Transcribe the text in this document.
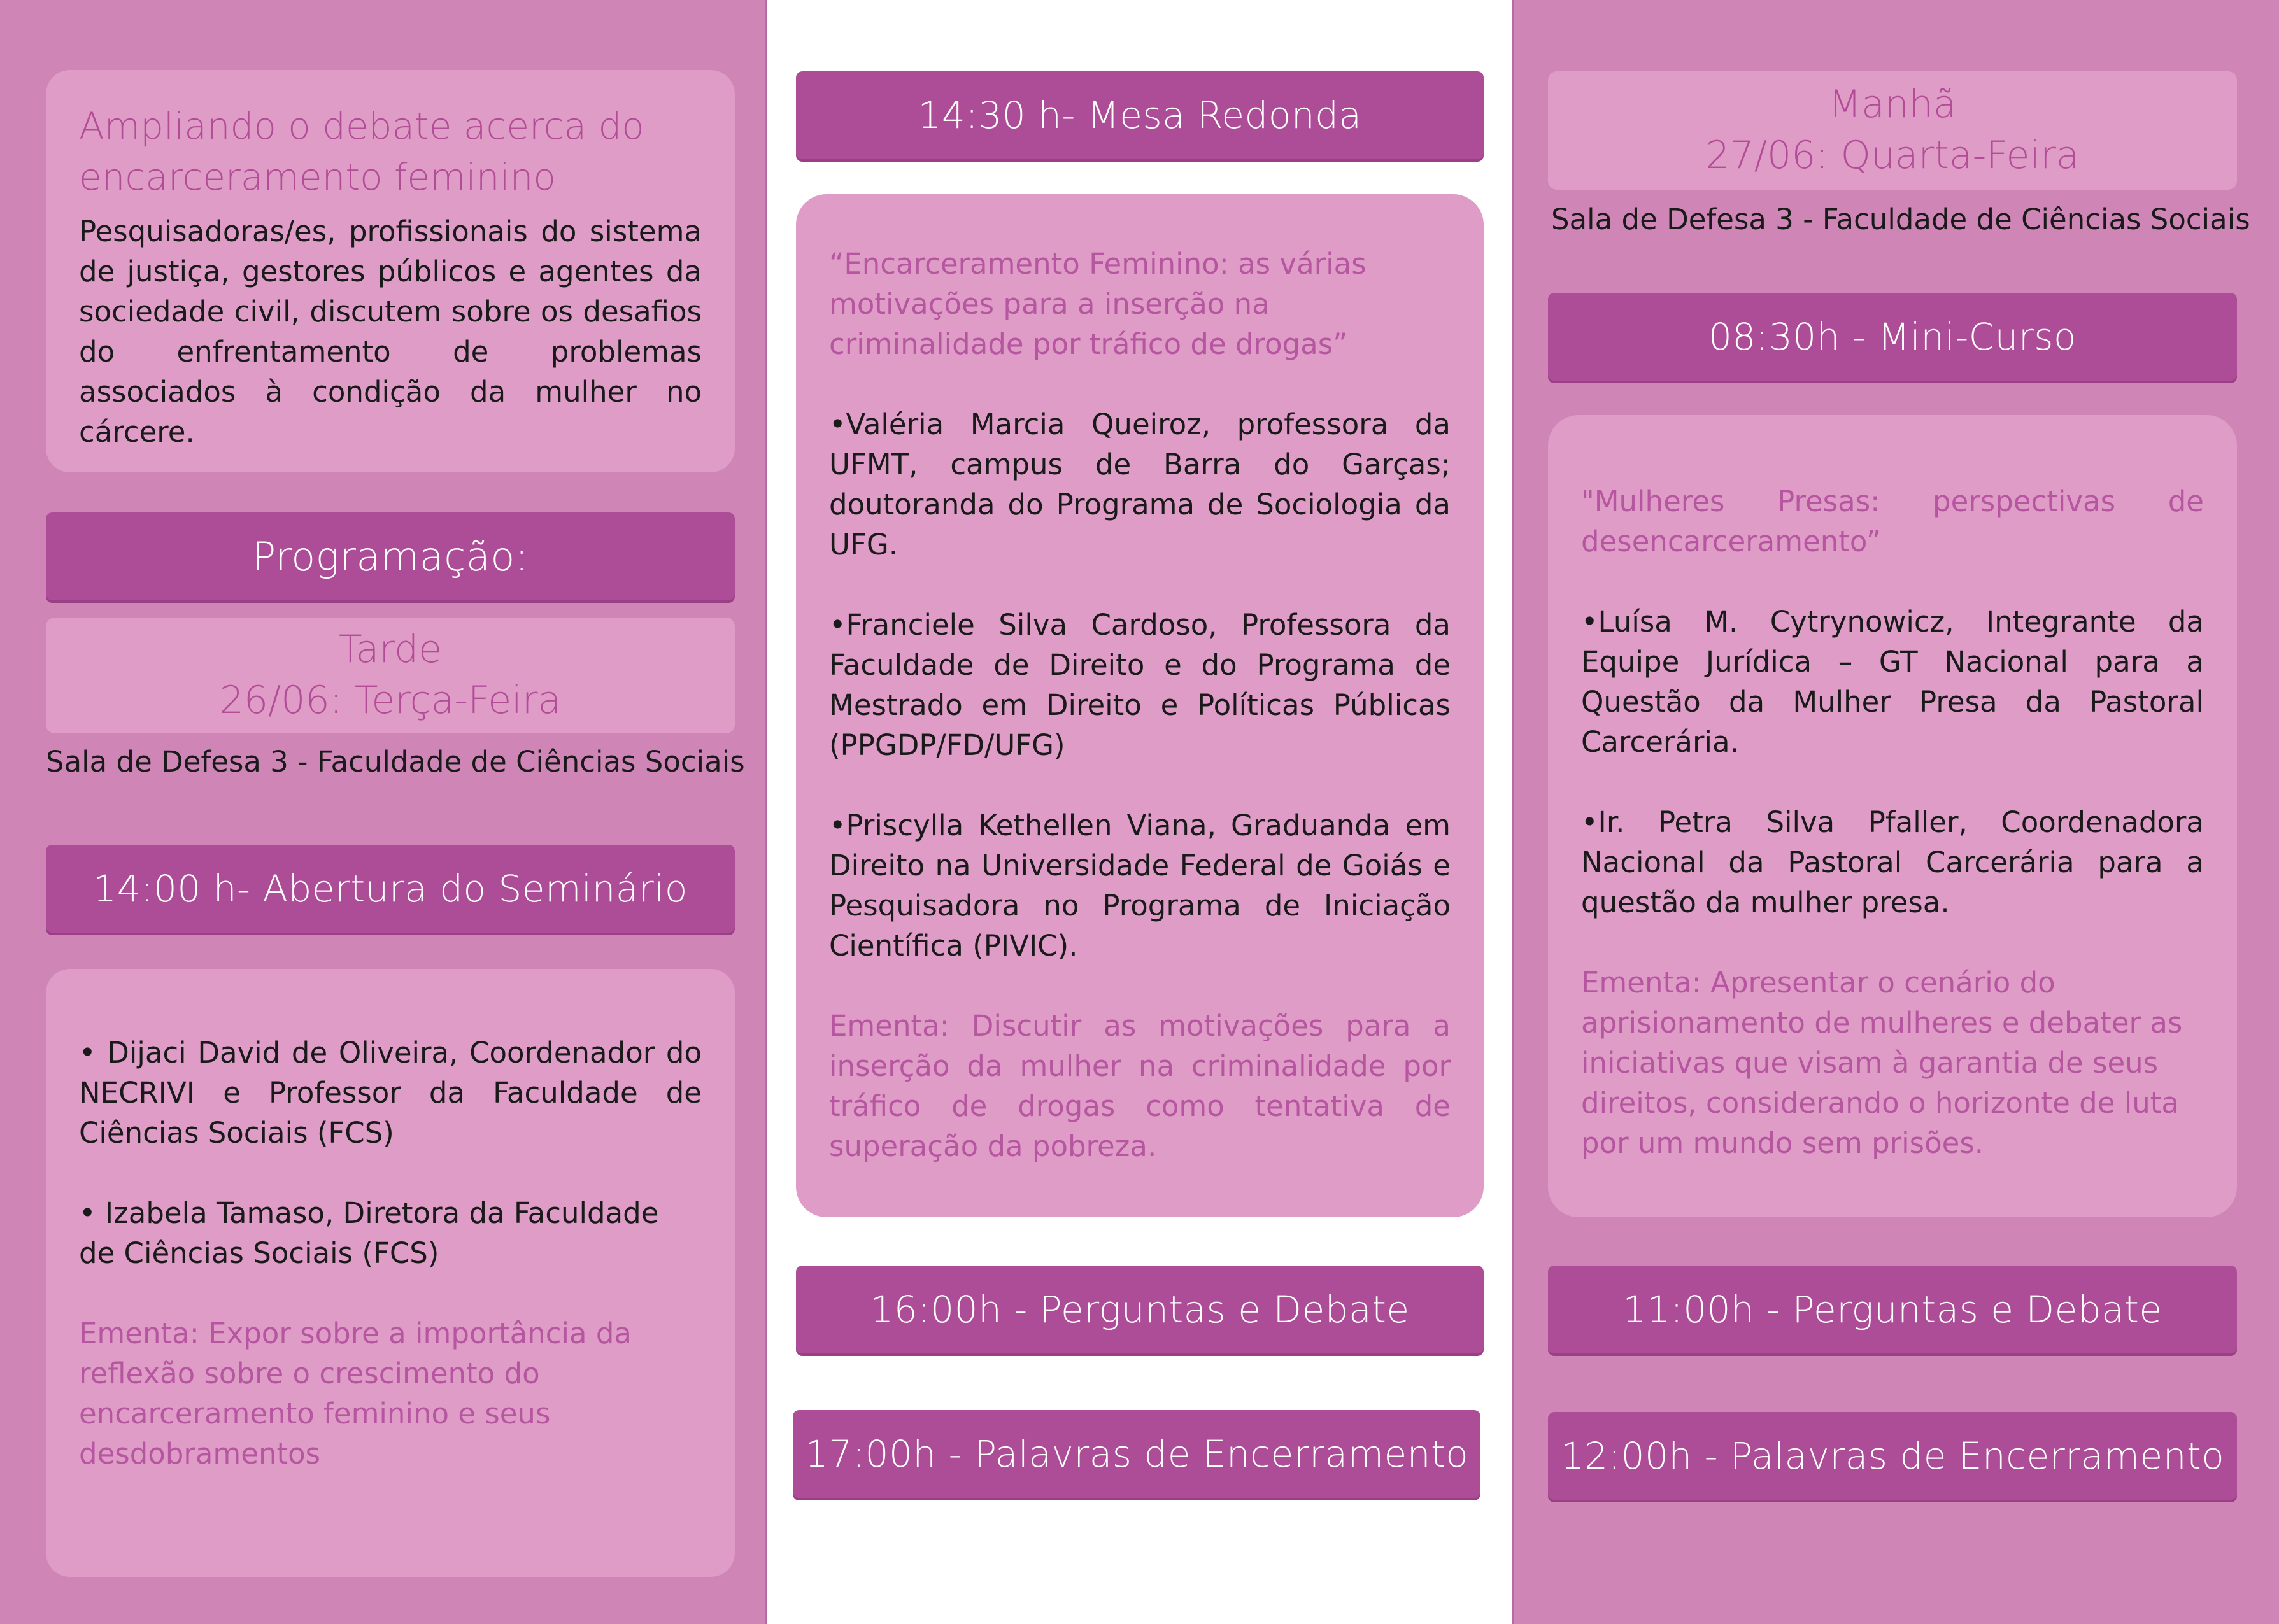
Ampliando o debate acerca do
encarceramento feminino

Pesquisadoras/es, profissionais do sistema de justiça, gestores públicos e agentes da sociedade civil, discutem sobre os desafios do enfrentamento de problemas associados à condição da mulher no cárcere.

Programação:
Tarde
26/06: Terça-Feira
Sala de Defesa 3 - Faculdade de Ciências Sociais
14:00 h- Abertura do Seminário

• Dijaci David de Oliveira, Coordenador do NECRIVI e Professor da Faculdade de Ciências Sociais (FCS)

• Izabela Tamaso, Diretora da Faculdade de Ciências Sociais (FCS)

Ementa: Expor sobre a importância da reflexão sobre o crescimento do encarceramento feminino e seus desdobramentos

14:30 h- Mesa Redonda

“Encarceramento Feminino: as várias motivações para a inserção na criminalidade por tráfico de drogas”

•Valéria Marcia Queiroz, professora da UFMT, campus de Barra do Garças; doutoranda do Programa de Sociologia da UFG.

•Franciele Silva Cardoso, Professora da Faculdade de Direito e do Programa de Mestrado em Direito e Políticas Públicas (PPGDP/FD/UFG)

•Priscylla Kethellen Viana, Graduanda em Direito na Universidade Federal de Goiás e Pesquisadora no Programa de Iniciação Científica (PIVIC).

Ementa: Discutir as motivações para a inserção da mulher na criminalidade por tráfico de drogas como tentativa de superação da pobreza.

16:00h - Perguntas e Debate
17:00h - Palavras de Encerramento
Manhã
27/06: Quarta-Feira
Sala de Defesa 3 - Faculdade de Ciências Sociais
08:30h - Mini-Curso

"Mulheres Presas: perspectivas de desencarceramento”

•Luísa M. Cytrynowicz, Integrante da Equipe Jurídica – GT Nacional para a Questão da Mulher Presa da Pastoral Carcerária.

•Ir. Petra Silva Pfaller, Coordenadora Nacional da Pastoral Carcerária para a questão da mulher presa.

Ementa: Apresentar o cenário do aprisionamento de mulheres e debater as iniciativas que visam à garantia de seus direitos, considerando o horizonte de luta por um mundo sem prisões.

11:00h - Perguntas e Debate
12:00h - Palavras de Encerramento
